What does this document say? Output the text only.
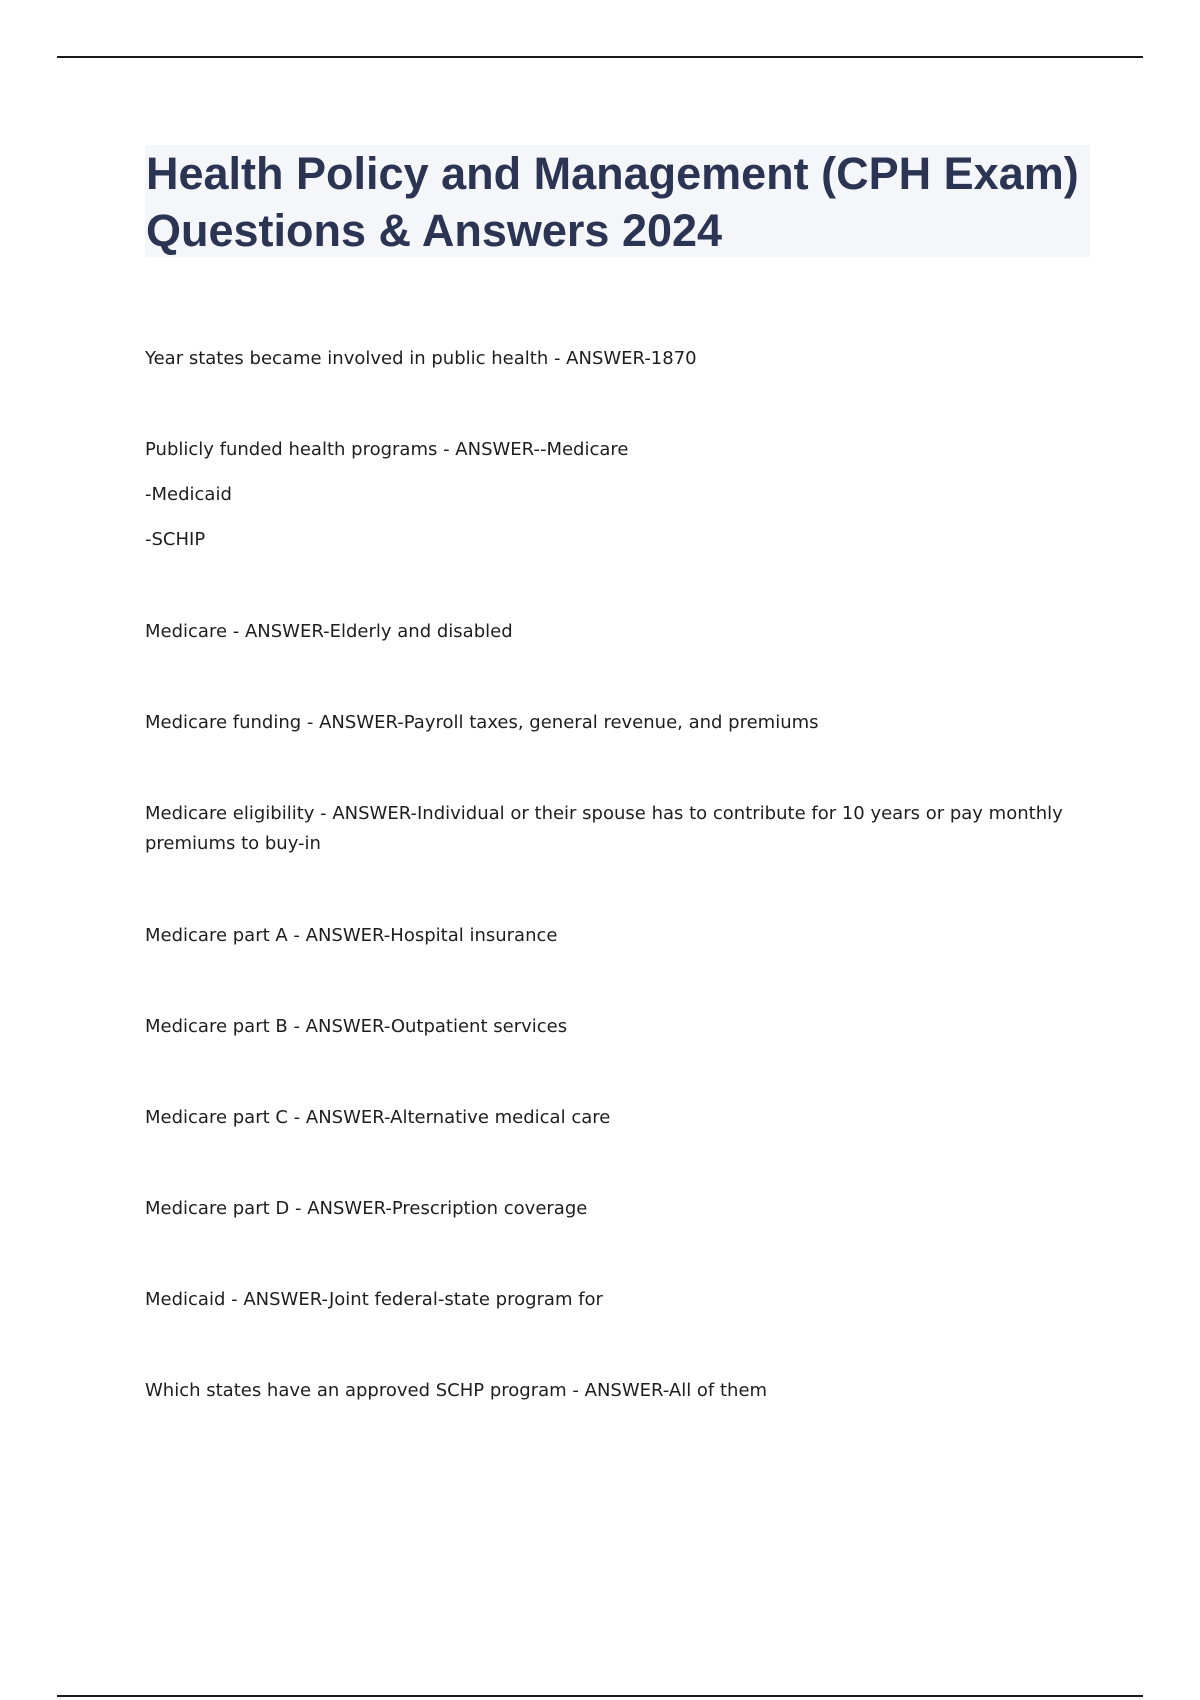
Health Policy and Management (CPH Exam) Questions & Answers 2024
Year states became involved in public health - ANSWER-1870
Publicly funded health programs - ANSWER--Medicare
-Medicaid
-SCHIP
Medicare - ANSWER-Elderly and disabled
Medicare funding - ANSWER-Payroll taxes, general revenue, and premiums
Medicare eligibility - ANSWER-Individual or their spouse has to contribute for 10 years or pay monthly premiums to buy-in
Medicare part A - ANSWER-Hospital insurance
Medicare part B - ANSWER-Outpatient services
Medicare part C - ANSWER-Alternative medical care
Medicare part D - ANSWER-Prescription coverage
Medicaid - ANSWER-Joint federal-state program for
Which states have an approved SCHP program - ANSWER-All of them
